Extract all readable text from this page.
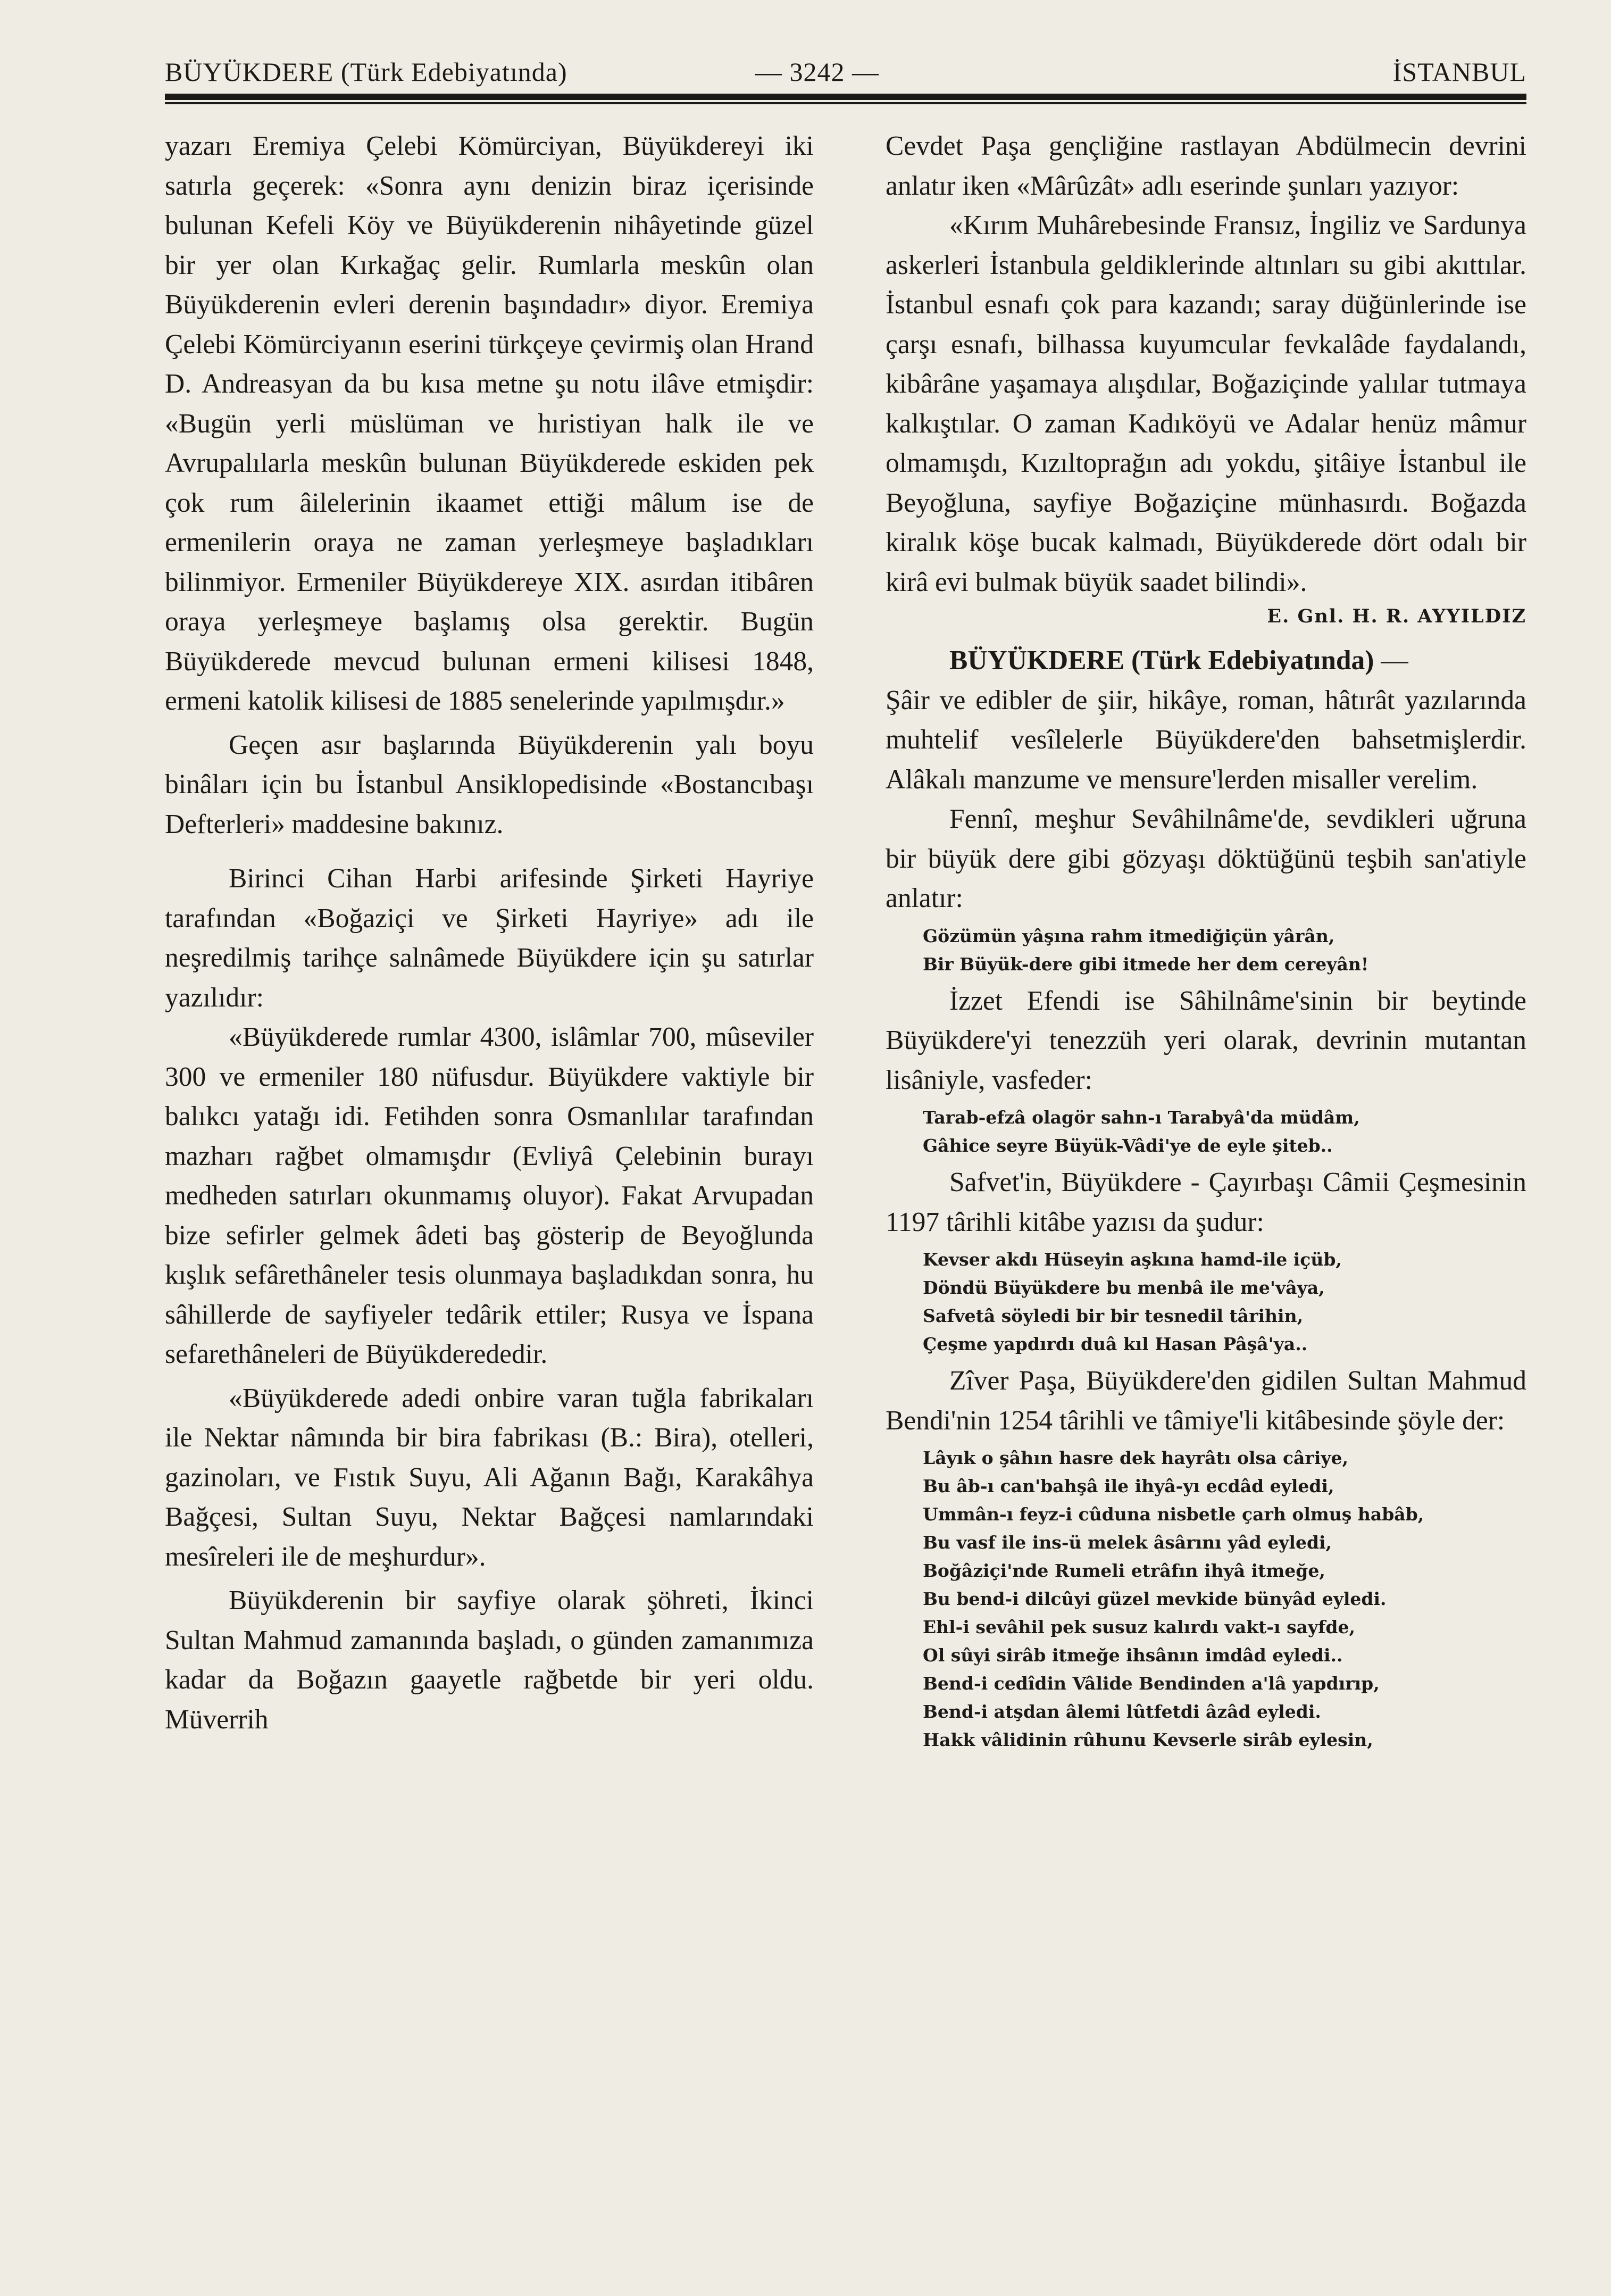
BÜYÜKDERE (Türk Edebiyatında)	— 3242 —	İSTANBUL

yazarı Eremiya Çelebi Kömürciyan, Büyükdereyi iki satırla geçerek: «Sonra aynı denizin biraz içerisinde bulunan Kefeli Köy ve Büyükderenin nihâyetinde güzel bir yer olan Kırkağaç gelir. Rumlarla meskûn olan Büyükderenin evleri derenin başındadır» diyor. Eremiya Çelebi Kömürciyanın eserini türkçeye çevirmiş olan Hrand D. Andreasyan da bu kısa metne şu notu ilâve etmişdir: «Bugün yerli müslüman ve hıristiyan halk ile ve Avrupalılarla meskûn bulunan Büyükderede eskiden pek çok rum âilelerinin ikaamet ettiği mâlum ise de ermenilerin oraya ne zaman yerleşmeye başladıkları bilinmiyor. Ermeniler Büyükdereye XIX. asırdan itibâren oraya yerleşmeye başlamış olsa gerektir. Bugün Büyükderede mevcud bulunan ermeni kilisesi 1848, ermeni katolik kilisesi de 1885 senelerinde yapılmışdır.»

Geçen asır başlarında Büyükderenin yalı boyu binâları için bu İstanbul Ansiklopedisinde «Bostancıbaşı Defterleri» maddesine bakınız.

Birinci Cihan Harbi arifesinde Şirketi Hayriye tarafından «Boğaziçi ve Şirketi Hayriye» adı ile neşredilmiş tarihçe salnâmede Büyükdere için şu satırlar yazılıdır:

«Büyükderede rumlar 4300, islâmlar 700, mûseviler 300 ve ermeniler 180 nüfusdur. Büyükdere vaktiyle bir balıkcı yatağı idi. Fetihden sonra Osmanlılar tarafından mazharı rağbet olmamışdır (Evliyâ Çelebinin burayı medheden satırları okunmamış oluyor). Fakat Arvupadan bize sefirler gelmek âdeti baş gösterip de Beyoğlunda kışlık sefârethâneler tesis olunmaya başladıkdan sonra, hu sâhillerde de sayfiyeler tedârik ettiler; Rusya ve İspana sefarethâneleri de Büyükderededir.

«Büyükderede adedi onbire varan tuğla fabrikaları ile Nektar nâmında bir bira fabrikası (B.: Bira), otelleri, gazinoları, ve Fıstık Suyu, Ali Ağanın Bağı, Karakâhya Bağçesi, Sultan Suyu, Nektar Bağçesi namlarındaki mesîreleri ile de meşhurdur».

Büyükderenin bir sayfiye olarak şöhreti, İkinci Sultan Mahmud zamanında başladı, o günden zamanımıza kadar da Boğazın gaayetle rağbetde bir yeri oldu. Müverrih

Cevdet Paşa gençliğine rastlayan Abdülmecin devrini anlatır iken «Mârûzât» adlı eserinde şunları yazıyor:

«Kırım Muhârebesinde Fransız, İngiliz ve Sardunya askerleri İstanbula geldiklerinde altınları su gibi akıttılar. İstanbul esnafı çok para kazandı; saray düğünlerinde ise çarşı esnafı, bilhassa kuyumcular fevkalâde faydalandı, kibârâne yaşamaya alışdılar, Boğaziçinde yalılar tutmaya kalkıştılar. O zaman Kadıköyü ve Adalar henüz mâmur olmamışdı, Kızıltoprağın adı yokdu, şitâiye İstanbul ile Beyoğluna, sayfiye Boğaziçine münhasırdı. Boğazda kiralık köşe bucak kalmadı, Büyükderede dört odalı bir kirâ evi bulmak büyük saadet bilindi».

E. Gnl. H. R. AYYILDIZ

BÜYÜKDERE (Türk Edebiyatında) —

Şâir ve edibler de şiir, hikâye, roman, hâtırât yazılarında muhtelif vesîlelerle Büyükdere'den bahsetmişlerdir. Alâkalı manzume ve mensure'lerden misaller verelim.

Fennî, meşhur Sevâhilnâme'de, sevdikleri uğruna bir büyük dere gibi gözyaşı döktüğünü teşbih san'atiyle anlatır:

Gözümün yâşına rahm itmediğiçün yârân,
Bir Büyük-dere gibi itmede her dem cereyân!

İzzet Efendi ise Sâhilnâme'sinin bir beytinde Büyükdere'yi tenezzüh yeri olarak, devrinin mutantan lisâniyle, vasfeder:

Tarab-efzâ olagör sahn-ı Tarabyâ'da müdâm,
Gâhice seyre Büyük-Vâdi'ye de eyle şiteb..

Safvet'in, Büyükdere - Çayırbaşı Câmii Çeşmesinin 1197 târihli kitâbe yazısı da şudur:

Kevser akdı Hüseyin aşkına hamd-ile içüb,
Döndü Büyükdere bu menbâ ile me'vâya,
Safvetâ söyledi bir bir tesnedil târihin,
Çeşme yapdırdı duâ kıl Hasan Pâşâ'ya..

Zîver Paşa, Büyükdere'den gidilen Sultan Mahmud Bendi'nin 1254 târihli ve tâmiye'li kitâbesinde şöyle der:

Lâyık o şâhın hasre dek hayrâtı olsa câriye,
Bu âb-ı can'bahşâ ile ihyâ-yı ecdâd eyledi,
Ummân-ı feyz-i cûduna nisbetle çarh olmuş habâb,
Bu vasf ile ins-ü melek âsârını yâd eyledi,
Boğâziçi'nde Rumeli etrâfın ihyâ itmeğe,
Bu bend-i dilcûyi güzel mevkide bünyâd eyledi.
Ehl-i sevâhil pek susuz kalırdı vakt-ı sayfde,
Ol sûyi sirâb itmeğe ihsânın imdâd eyledi..
Bend-i cedîdin Vâlide Bendinden a'lâ yapdırıp,
Bend-i atşdan âlemi lûtfetdi âzâd eyledi.
Hakk vâlidinin rûhunu Kevserle sirâb eylesin,
